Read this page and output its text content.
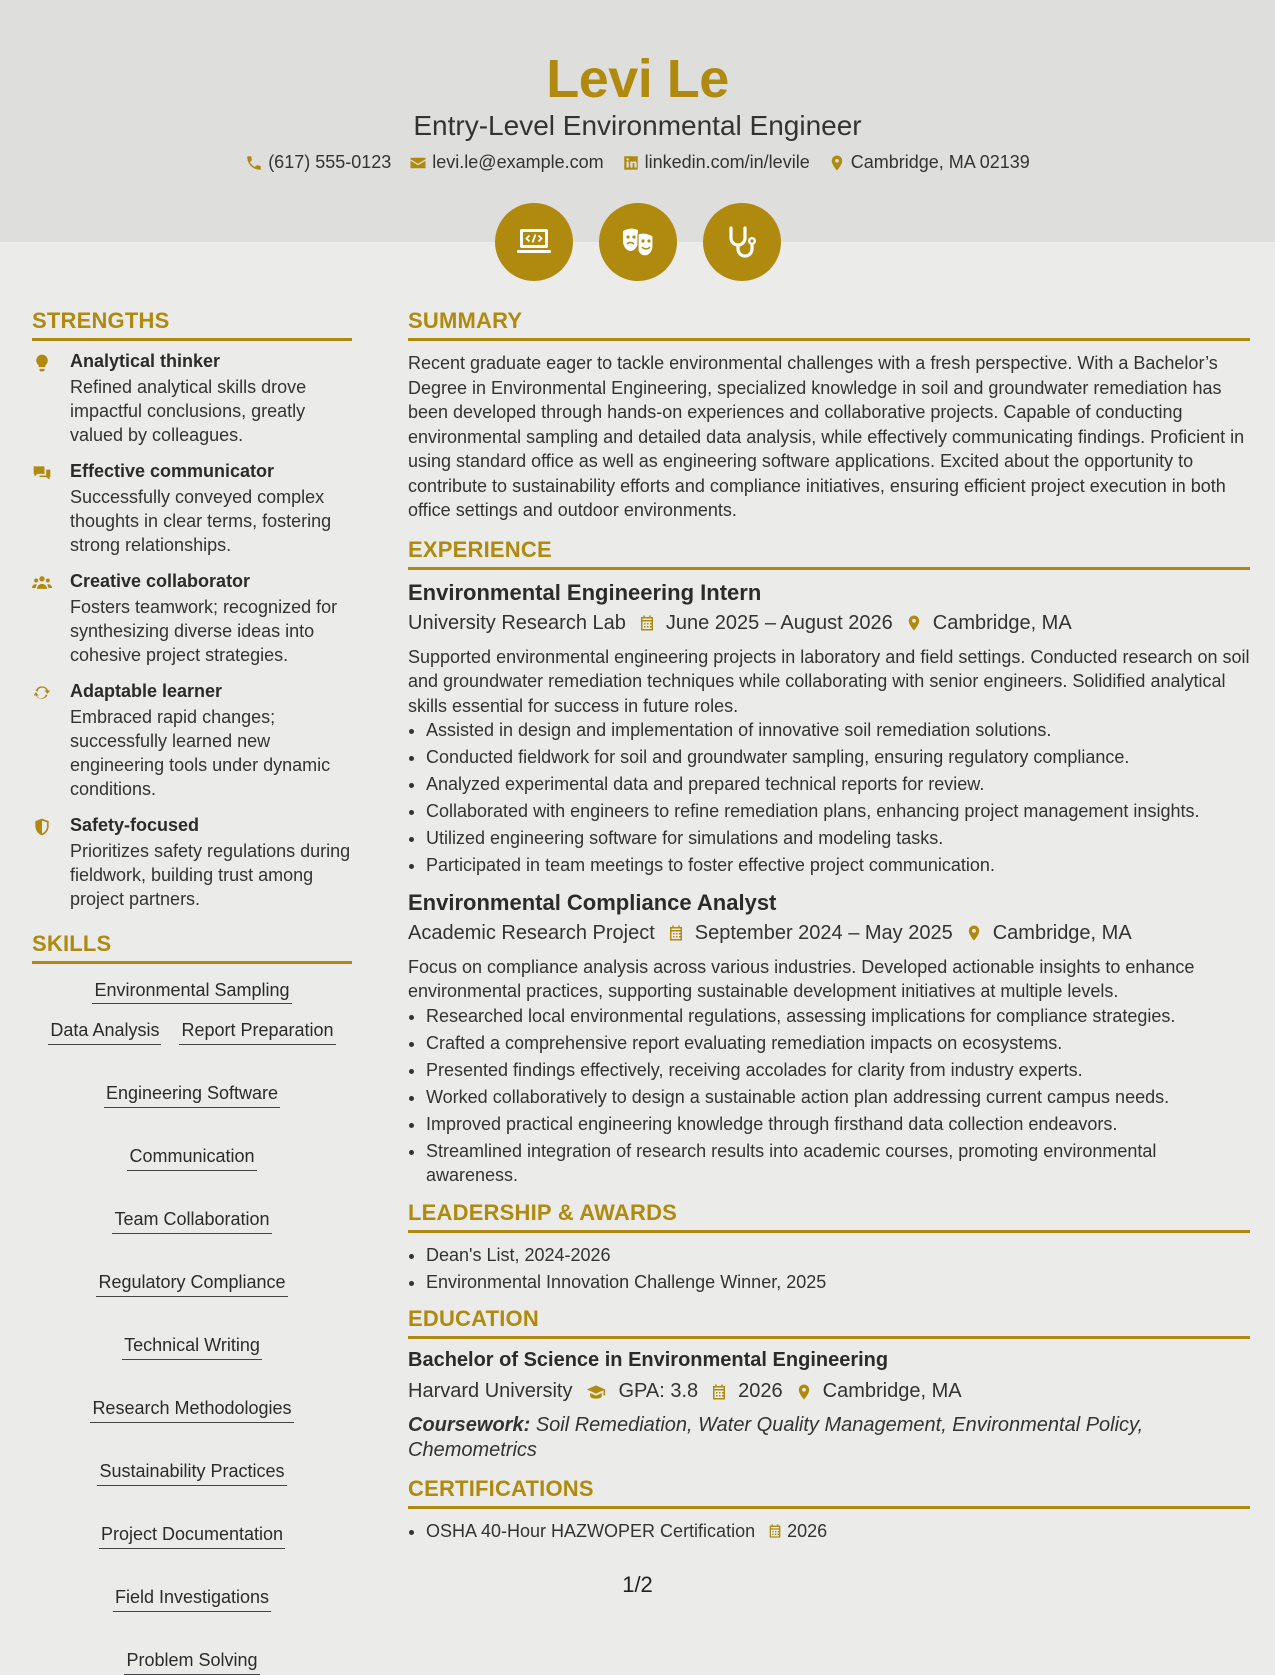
Levi Le
Entry-Level Environmental Engineer
(617) 555-0123 levi.le@example.com linkedin.com/in/levile Cambridge, MA 02139
STRENGTHS
Analytical thinker
Refined analytical skills drove impactful conclusions, greatly valued by colleagues.
Effective communicator
Successfully conveyed complex thoughts in clear terms, fostering strong relationships.
Creative collaborator
Fosters teamwork; recognized for synthesizing diverse ideas into cohesive project strategies.
Adaptable learner
Embraced rapid changes; successfully learned new engineering tools under dynamic conditions.
Safety-focused
Prioritizes safety regulations during fieldwork, building trust among project partners.
SKILLS
Environmental Sampling
Data Analysis Report Preparation
Engineering Software
Communication
Team Collaboration
Regulatory Compliance
Technical Writing
Research Methodologies
Sustainability Practices
Project Documentation
Field Investigations
Problem Solving
SUMMARY
Recent graduate eager to tackle environmental challenges with a fresh perspective. With a Bachelor’s Degree in Environmental Engineering, specialized knowledge in soil and groundwater remediation has been developed through hands-on experiences and collaborative projects. Capable of conducting environmental sampling and detailed data analysis, while effectively communicating findings. Proficient in using standard office as well as engineering software applications. Excited about the opportunity to contribute to sustainability efforts and compliance initiatives, ensuring efficient project execution in both office settings and outdoor environments.
EXPERIENCE
Environmental Engineering Intern
University Research Lab June 2025 – August 2026 Cambridge, MA
Supported environmental engineering projects in laboratory and field settings. Conducted research on soil and groundwater remediation techniques while collaborating with senior engineers. Solidified analytical skills essential for success in future roles.
• Assisted in design and implementation of innovative soil remediation solutions.
• Conducted fieldwork for soil and groundwater sampling, ensuring regulatory compliance.
• Analyzed experimental data and prepared technical reports for review.
• Collaborated with engineers to refine remediation plans, enhancing project management insights.
• Utilized engineering software for simulations and modeling tasks.
• Participated in team meetings to foster effective project communication.
Environmental Compliance Analyst
Academic Research Project September 2024 – May 2025 Cambridge, MA
Focus on compliance analysis across various industries. Developed actionable insights to enhance environmental practices, supporting sustainable development initiatives at multiple levels.
• Researched local environmental regulations, assessing implications for compliance strategies.
• Crafted a comprehensive report evaluating remediation impacts on ecosystems.
• Presented findings effectively, receiving accolades for clarity from industry experts.
• Worked collaboratively to design a sustainable action plan addressing current campus needs.
• Improved practical engineering knowledge through firsthand data collection endeavors.
• Streamlined integration of research results into academic courses, promoting environmental awareness.
LEADERSHIP & AWARDS
• Dean's List, 2024-2026
• Environmental Innovation Challenge Winner, 2025
EDUCATION
Bachelor of Science in Environmental Engineering
Harvard University GPA: 3.8 2026 Cambridge, MA
Coursework: Soil Remediation, Water Quality Management, Environmental Policy, Chemometrics
CERTIFICATIONS
• OSHA 40-Hour HAZWOPER Certification 2026
1/2
